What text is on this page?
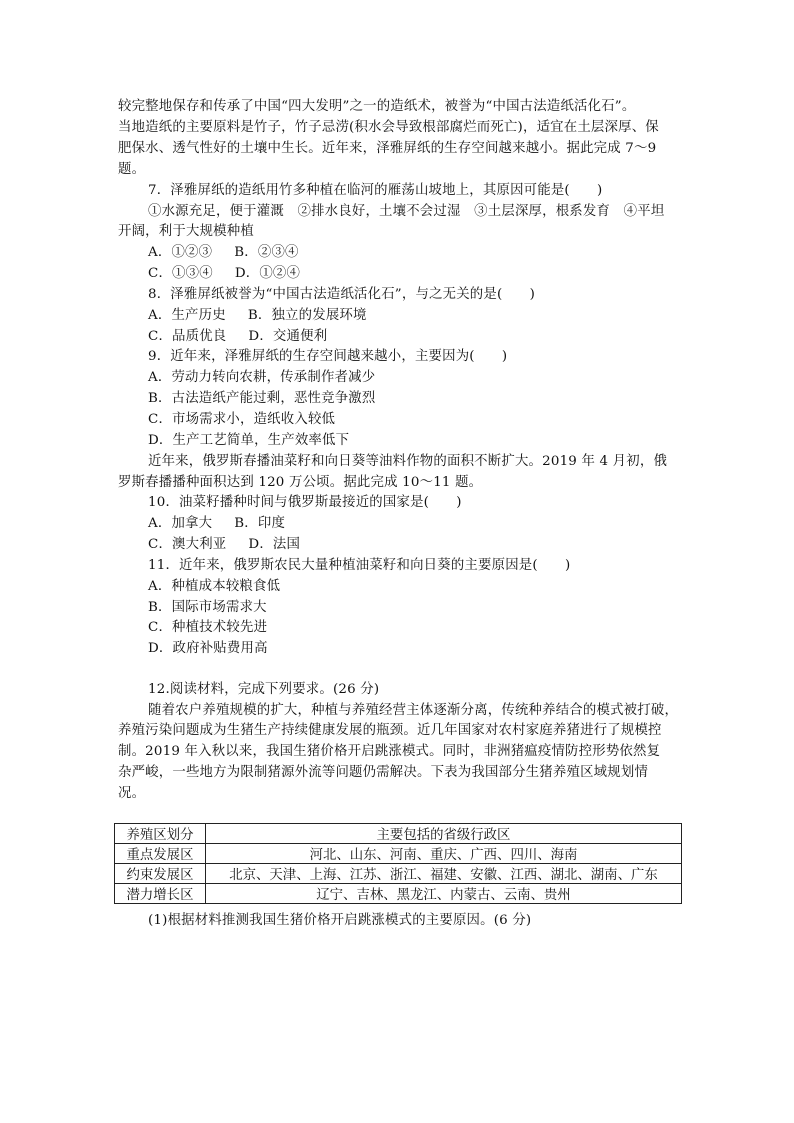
较完整地保存和传承了中国“四大发明”之一的造纸术，被誉为“中国古法造纸活化石”。
当地造纸的主要原料是竹子，竹子忌涝(积水会导致根部腐烂而死亡)，适宜在土层深厚、保
肥保水、透气性好的土壤中生长。近年来，泽雅屏纸的生存空间越来越小。据此完成 7～9
题。
7．泽雅屏纸的造纸用竹多种植在临河的雁荡山坡地上，其原因可能是(　　)
①水源充足，便于灌溉　②排水良好，土壤不会过湿　③土层深厚，根系发育　④平坦
开阔，利于大规模种植
A．①②③ B．②③④
C．①③④ D．①②④
8．泽雅屏纸被誉为“中国古法造纸活化石”，与之无关的是(　　)
A．生产历史 B．独立的发展环境
C．品质优良 D．交通便利
9．近年来，泽雅屏纸的生存空间越来越小，主要因为(　　)
A．劳动力转向农耕，传承制作者减少
B．古法造纸产能过剩，恶性竞争激烈
C．市场需求小，造纸收入较低
D．生产工艺简单，生产效率低下
近年来，俄罗斯春播油菜籽和向日葵等油料作物的面积不断扩大。2019 年 4 月初，俄
罗斯春播播种面积达到 120 万公顷。据此完成 10～11 题。
10．油菜籽播种时间与俄罗斯最接近的国家是(　　)
A．加拿大 B．印度
C．澳大利亚 D．法国
11．近年来，俄罗斯农民大量种植油菜籽和向日葵的主要原因是(　　)
A．种植成本较粮食低
B．国际市场需求大
C．种植技术较先进
D．政府补贴费用高
12.阅读材料，完成下列要求。(26 分)
随着农户养殖规模的扩大，种植与养殖经营主体逐渐分离，传统种养结合的模式被打破，
养殖污染问题成为生猪生产持续健康发展的瓶颈。近几年国家对农村家庭养猪进行了规模控
制。2019 年入秋以来，我国生猪价格开启跳涨模式。同时，非洲猪瘟疫情防控形势依然复
杂严峻，一些地方为限制猪源外流等问题仍需解决。下表为我国部分生猪养殖区域规划情
况。
养殖区划分	主要包括的省级行政区
重点发展区	河北、山东、河南、重庆、广西、四川、海南
约束发展区	北京、天津、上海、江苏、浙江、福建、安徽、江西、湖北、湖南、广东
潜力增长区	辽宁、吉林、黑龙江、内蒙古、云南、贵州
(1)根据材料推测我国生猪价格开启跳涨模式的主要原因。(6 分)
